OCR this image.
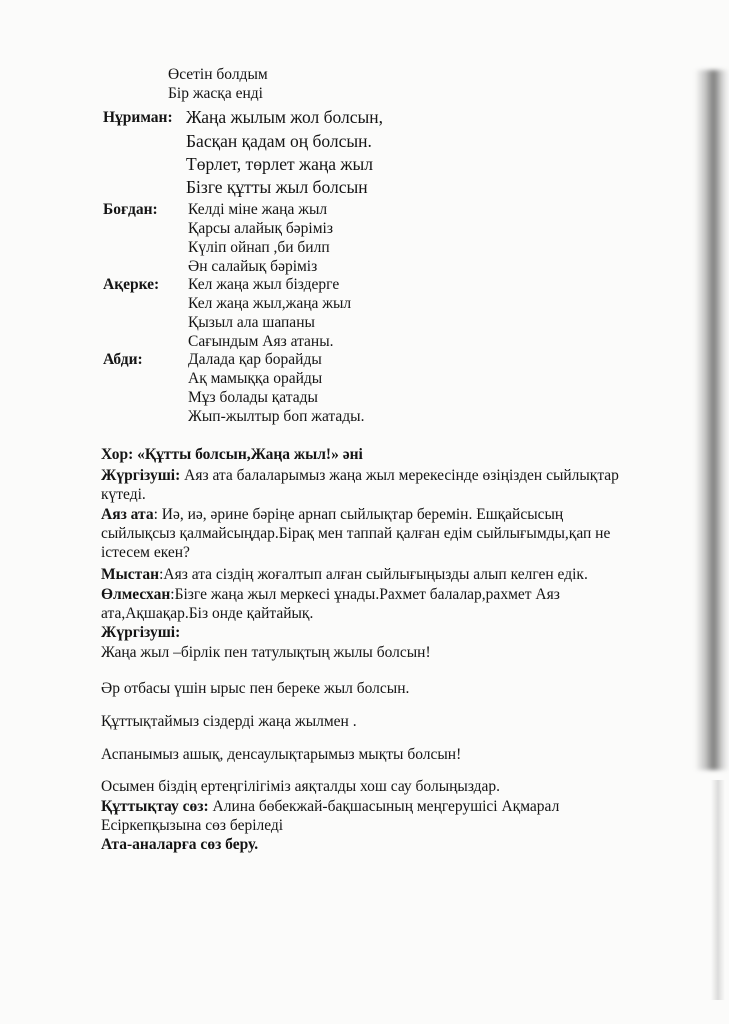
Өсетін болдым
Бір жасқа енді
Нұриман: Жаңа жылым жол болсын,
Басқан қадам оң болсын.
Төрлет, төрлет жаңа жыл
Бізге құтты жыл болсын
Боғдан: Келді міне жаңа жыл
Қарсы алайық бәріміз
Күліп ойнап ,би билп
Ән салайық бәріміз
Ақерке: Кел жаңа жыл біздерге
Кел жаңа жыл,жаңа жыл
Қызыл ала шапаны
Сағындым Аяз атаны.
Абди:	Далада қар борайды
Ақ мамыққа орайды
Мұз болады қатады
Жып-жылтыр боп жатады.
Хор: «Құтты болсын,Жаңа жыл!» әні
Жүргізуші: Аяз ата балаларымыз жаңа жыл мерекесінде өзіңізден сыйлықтар күтеді.
Аяз ата: Иә, иә, әрине бәріңе арнап сыйлықтар беремін. Ешқайсысың сыйлықсыз қалмайсыңдар.Бірақ мен таппай қалған едім сыйлығымды,қап не істесем екен?
Мыстан:Аяз ата сіздің жоғалтып алған сыйлығыңызды алып келген едік.
Өлмесхан:Бізге жаңа жыл меркесі ұнады.Рахмет балалар,рахмет Аяз ата,Ақшақар.Біз онде қайтайық.
Жүргізуші:
Жаңа жыл –бірлік пен татулықтың жылы болсын!
Әр отбасы үшін ырыс пен береке жыл болсын.
Құттықтаймыз сіздерді жаңа жылмен .
Аспанымыз ашық, денсаулықтарымыз мықты болсын!
Осымен біздің ертеңгілігіміз аяқталды хош сау болыңыздар.
Құттықтау сөз: Алина бөбекжай-бақшасының меңгерушісі Ақмарал Есіркепқызына сөз беріледі
Ата-аналарға сөз беру.
